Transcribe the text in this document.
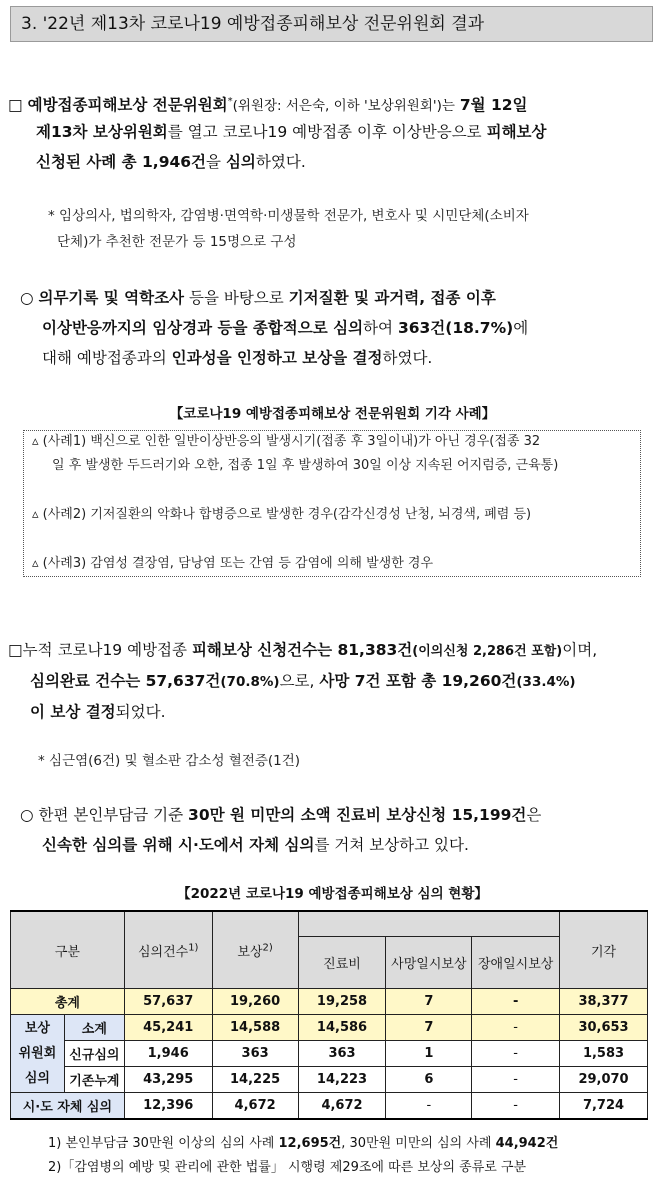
3. '22년 제13차 코로나19 예방접종피해보상 전문위원회 결과
□ 예방접종피해보상 전문위원회*(위원장: 서은숙, 이하 '보상위원회')는 7월 12일
제13차 보상위원회를 열고 코로나19 예방접종 이후 이상반응으로 피해보상
신청된 사례 총 1,946건을 심의하였다.
* 임상의사, 법의학자, 감염병·면역학·미생물학 전문가, 변호사 및 시민단체(소비자
단체)가 추천한 전문가 등 15명으로 구성
○ 의무기록 및 역학조사 등을 바탕으로 기저질환 및 과거력, 접종 이후
이상반응까지의 임상경과 등을 종합적으로 심의하여 363건(18.7%)에
대해 예방접종과의 인과성을 인정하고 보상을 결정하였다.
【코로나19 예방접종피해보상 전문위원회 기각 사례】
▵ (사례1) 백신으로 인한 일반이상반응의 발생시기(접종 후 3일이내)가 아닌 경우(접종 32
일 후 발생한 두드러기와 오한, 접종 1일 후 발생하여 30일 이상 지속된 어지럼증, 근육통)
▵ (사례2) 기저질환의 악화나 합병증으로 발생한 경우(감각신경성 난청, 뇌경색, 폐렴 등)
▵ (사례3) 감염성 결장염, 담낭염 또는 간염 등 감염에 의해 발생한 경우
□누적 코로나19 예방접종 피해보상 신청건수는 81,383건(이의신청 2,286건 포함)이며,
심의완료 건수는 57,637건(70.8%)으로, 사망 7건 포함 총 19,260건(33.4%)
이 보상 결정되었다.
* 심근염(6건) 및 혈소판 감소성 혈전증(1건)
○ 한편 본인부담금 기준 30만 원 미만의 소액 진료비 보상신청 15,199건은
신속한 심의를 위해 시·도에서 자체 심의를 거쳐 보상하고 있다.
【2022년 코로나19 예방접종피해보상 심의 현황】
구분		심의건수$^{1)}$	보상$^{2)}$				기각
				진료비	사망일시보상	장애일시보상	
총계		57,637	19,260	19,258	7	-	38,377

보상
위원회
심의	소계	45,241	14,588	14,586	7	-	30,653
	신규심의	1,946	363	363	1	-	1,583
	기존누계	43,295	14,225	14,223	6	-	29,070
시·도 자체 심의		12,396	4,672	4,672	-	-	7,724
1) 본인부담금 30만원 이상의 심의 사례 12,695건, 30만원 미만의 심의 사례 44,942건
2)「감염병의 예방 및 관리에 관한 법률」 시행령 제29조에 따른 보상의 종류로 구분
